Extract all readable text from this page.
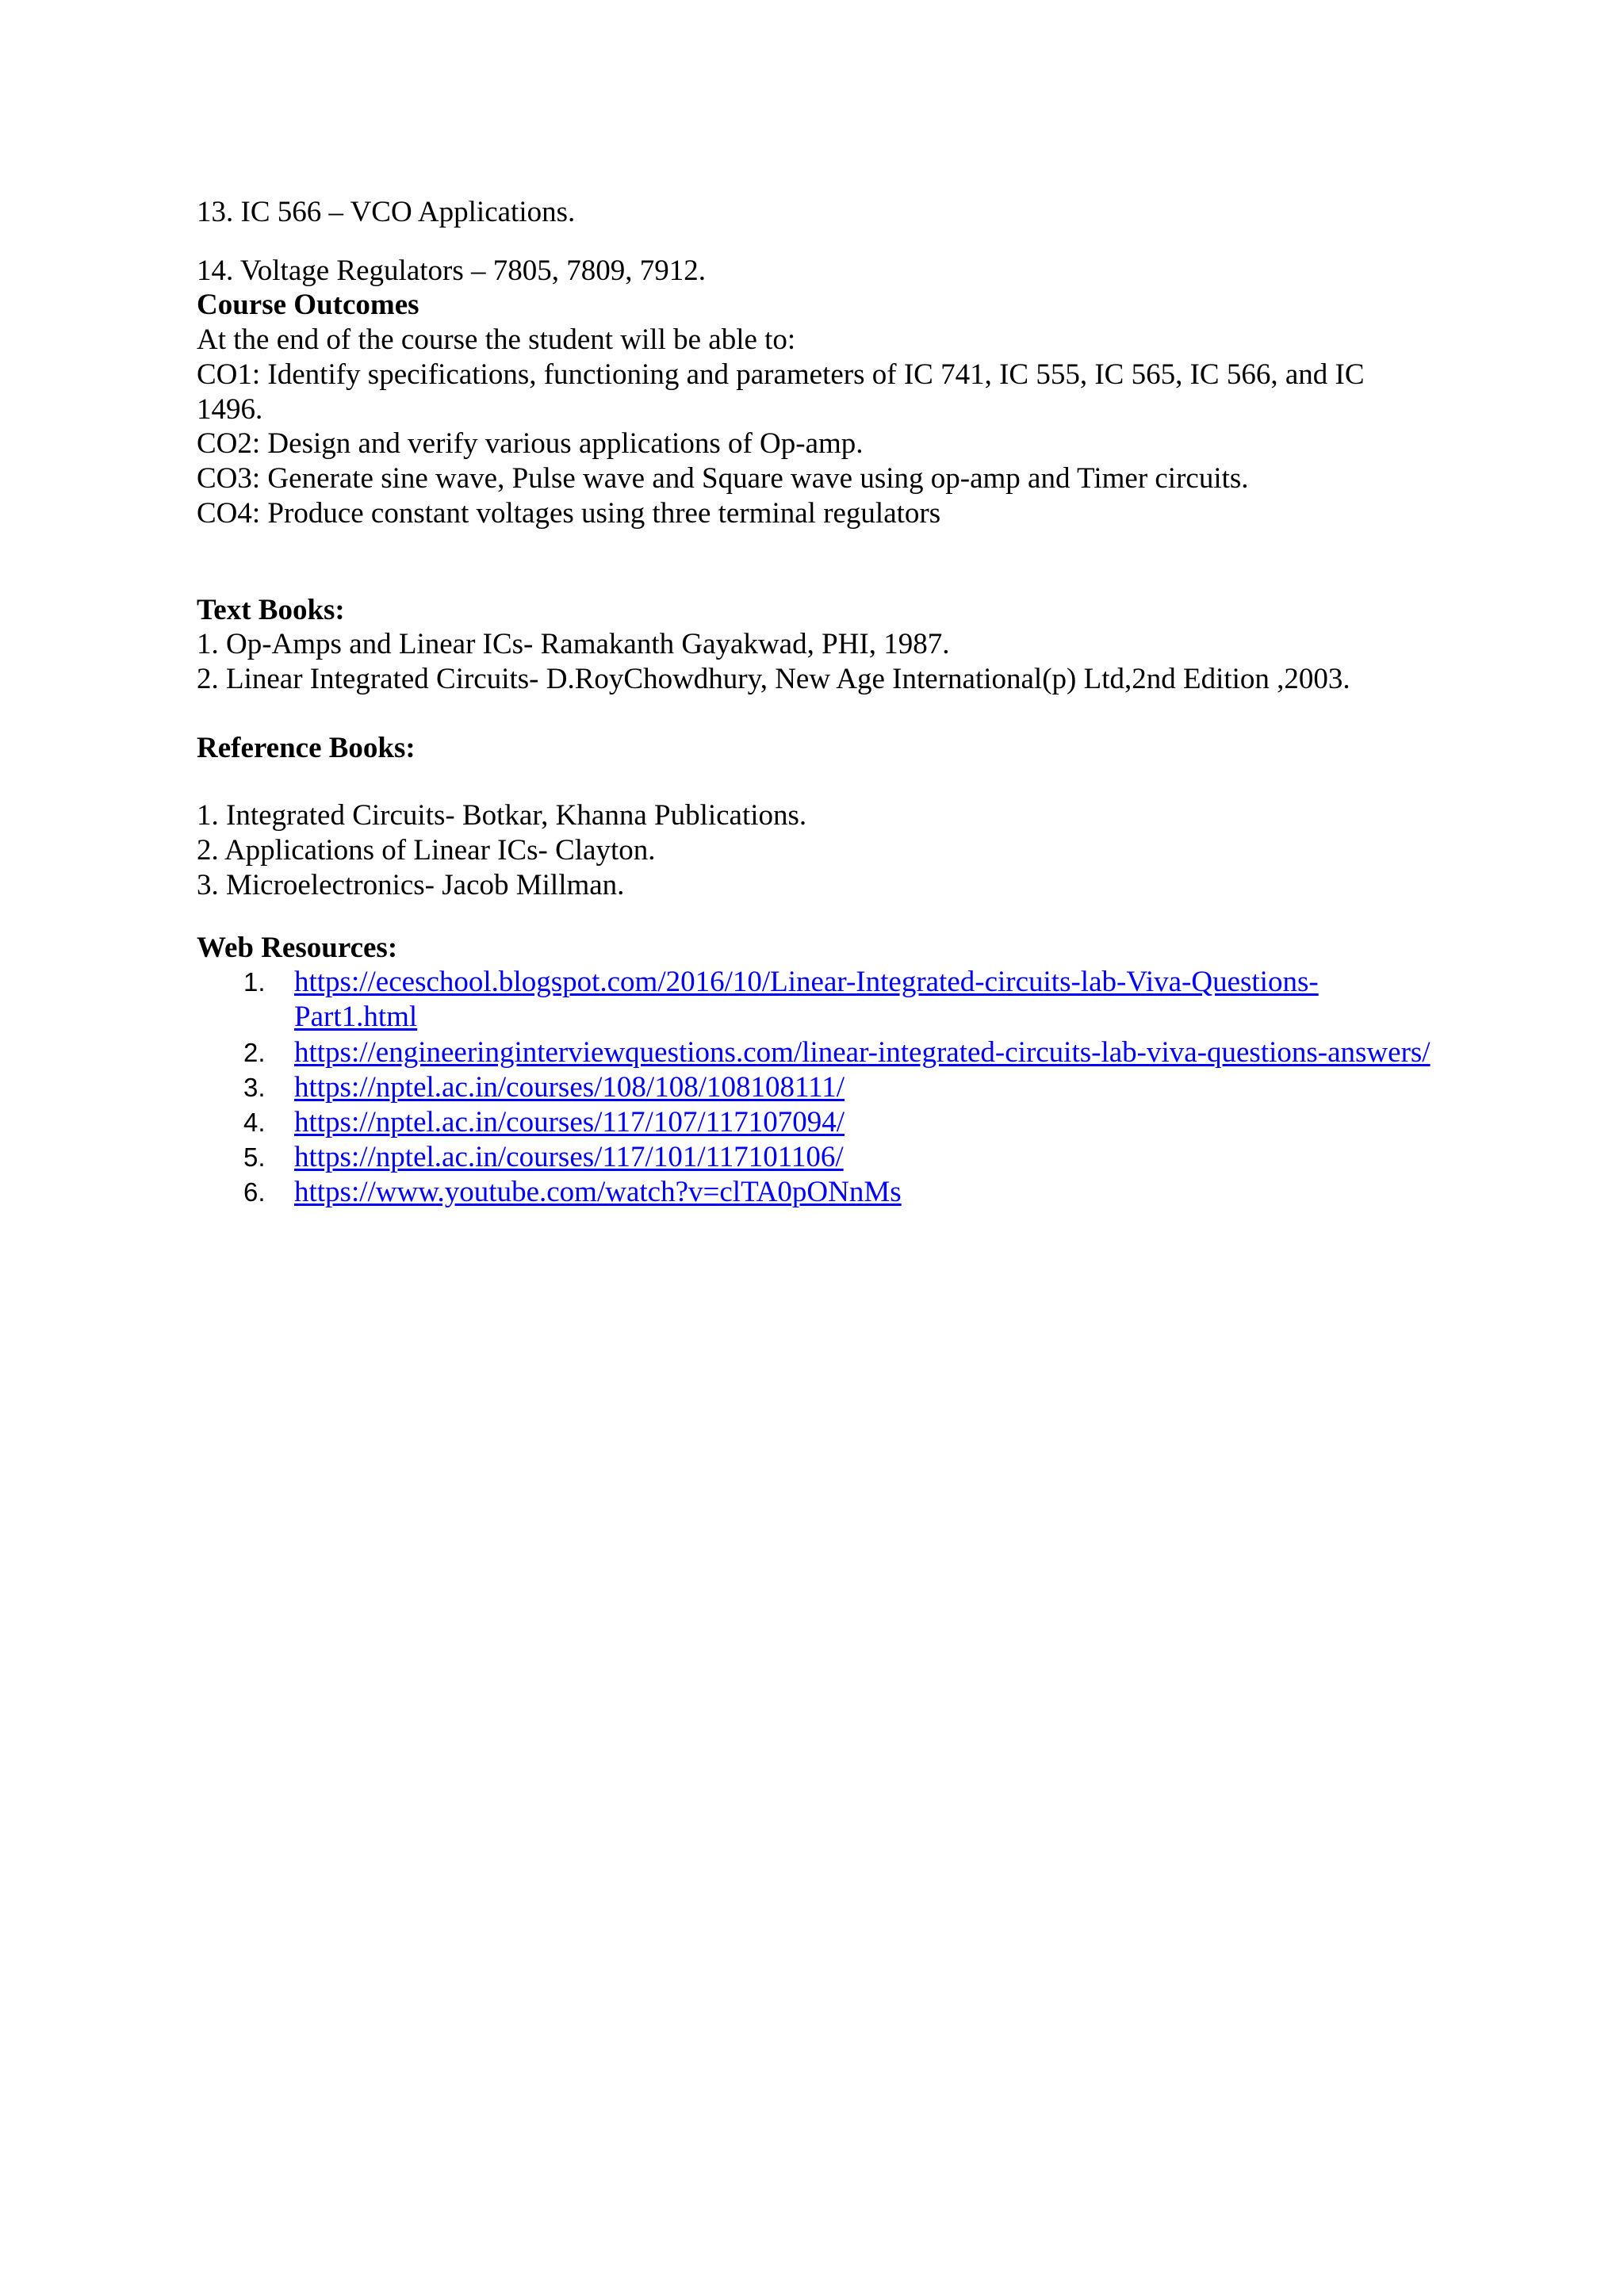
13. IC 566 – VCO Applications.
14. Voltage Regulators – 7805, 7809, 7912.
Course Outcomes
At the end of the course the student will be able to:
CO1: Identify specifications, functioning and parameters of IC 741, IC 555, IC 565, IC 566, and IC
1496.
CO2: Design and verify various applications of Op-amp.
CO3: Generate sine wave, Pulse wave and Square wave using op-amp and Timer circuits.
CO4: Produce constant voltages using three terminal regulators
Text Books:
1. Op-Amps and Linear ICs- Ramakanth Gayakwad, PHI, 1987.
2. Linear Integrated Circuits- D.RoyChowdhury, New Age International(p) Ltd,2nd Edition ,2003.
Reference Books:
1. Integrated Circuits- Botkar, Khanna Publications.
2. Applications of Linear ICs- Clayton.
3. Microelectronics- Jacob Millman.
Web Resources:
1. https://eceschool.blogspot.com/2016/10/Linear-Integrated-circuits-lab-Viva-Questions-
Part1.html
2. https://engineeringinterviewquestions.com/linear-integrated-circuits-lab-viva-questions-answers/
3. https://nptel.ac.in/courses/108/108/108108111/
4. https://nptel.ac.in/courses/117/107/117107094/
5. https://nptel.ac.in/courses/117/101/117101106/
6. https://www.youtube.com/watch?v=clTA0pONnMs
